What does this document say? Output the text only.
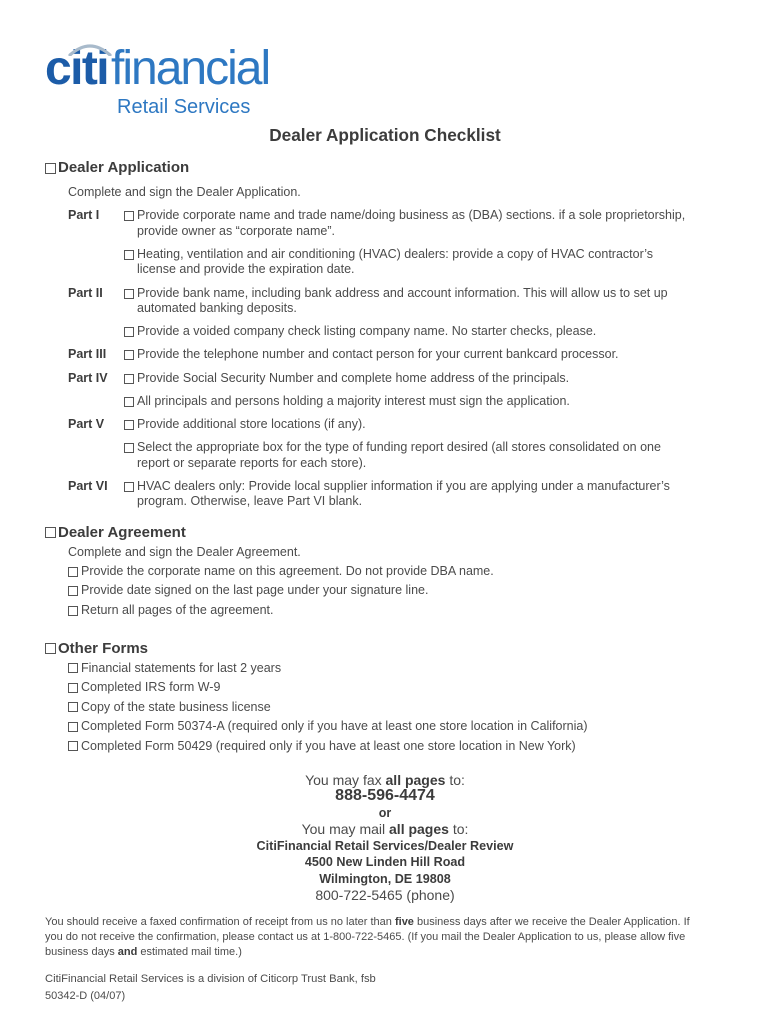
citi financial
Retail Services
Dealer Application Checklist
Dealer Application
Complete and sign the Dealer Application.
Part I	Provide corporate name and trade name/doing business as (DBA) sections. if a sole proprietorship,
provide owner as “corporate name”.
Heating, ventilation and air conditioning (HVAC) dealers: provide a copy of HVAC contractor’s
license and provide the expiration date.
Part II	Provide bank name, including bank address and account information. This will allow us to set up
automated banking deposits.
Provide a voided company check listing company name. No starter checks, please.
Part III	Provide the telephone number and contact person for your current bankcard processor.
Part IV	Provide Social Security Number and complete home address of the principals.
All principals and persons holding a majority interest must sign the application.
Part V	Provide additional store locations (if any).
Select the appropriate box for the type of funding report desired (all stores consolidated on one
report or separate reports for each store).
Part VI	HVAC dealers only: Provide local supplier information if you are applying under a manufacturer’s
program. Otherwise, leave Part VI blank.
Dealer Agreement
Complete and sign the Dealer Agreement.
Provide the corporate name on this agreement. Do not provide DBA name.
Provide date signed on the last page under your signature line.
Return all pages of the agreement.
Other Forms
Financial statements for last 2 years
Completed IRS form W-9
Copy of the state business license
Completed Form 50374-A (required only if you have at least one store location in California)
Completed Form 50429 (required only if you have at least one store location in New York)
You may fax all pages to:
888-596-4474
or
You may mail all pages to:
CitiFinancial Retail Services/Dealer Review
4500 New Linden Hill Road
Wilmington, DE 19808
800-722-5465 (phone)
You should receive a faxed confirmation of receipt from us no later than five business days after we receive the Dealer Application. If
you do not receive the confirmation, please contact us at 1-800-722-5465. (If you mail the Dealer Application to us, please allow five
business days and estimated mail time.)
CitiFinancial Retail Services is a division of Citicorp Trust Bank, fsb
50342-D (04/07)
